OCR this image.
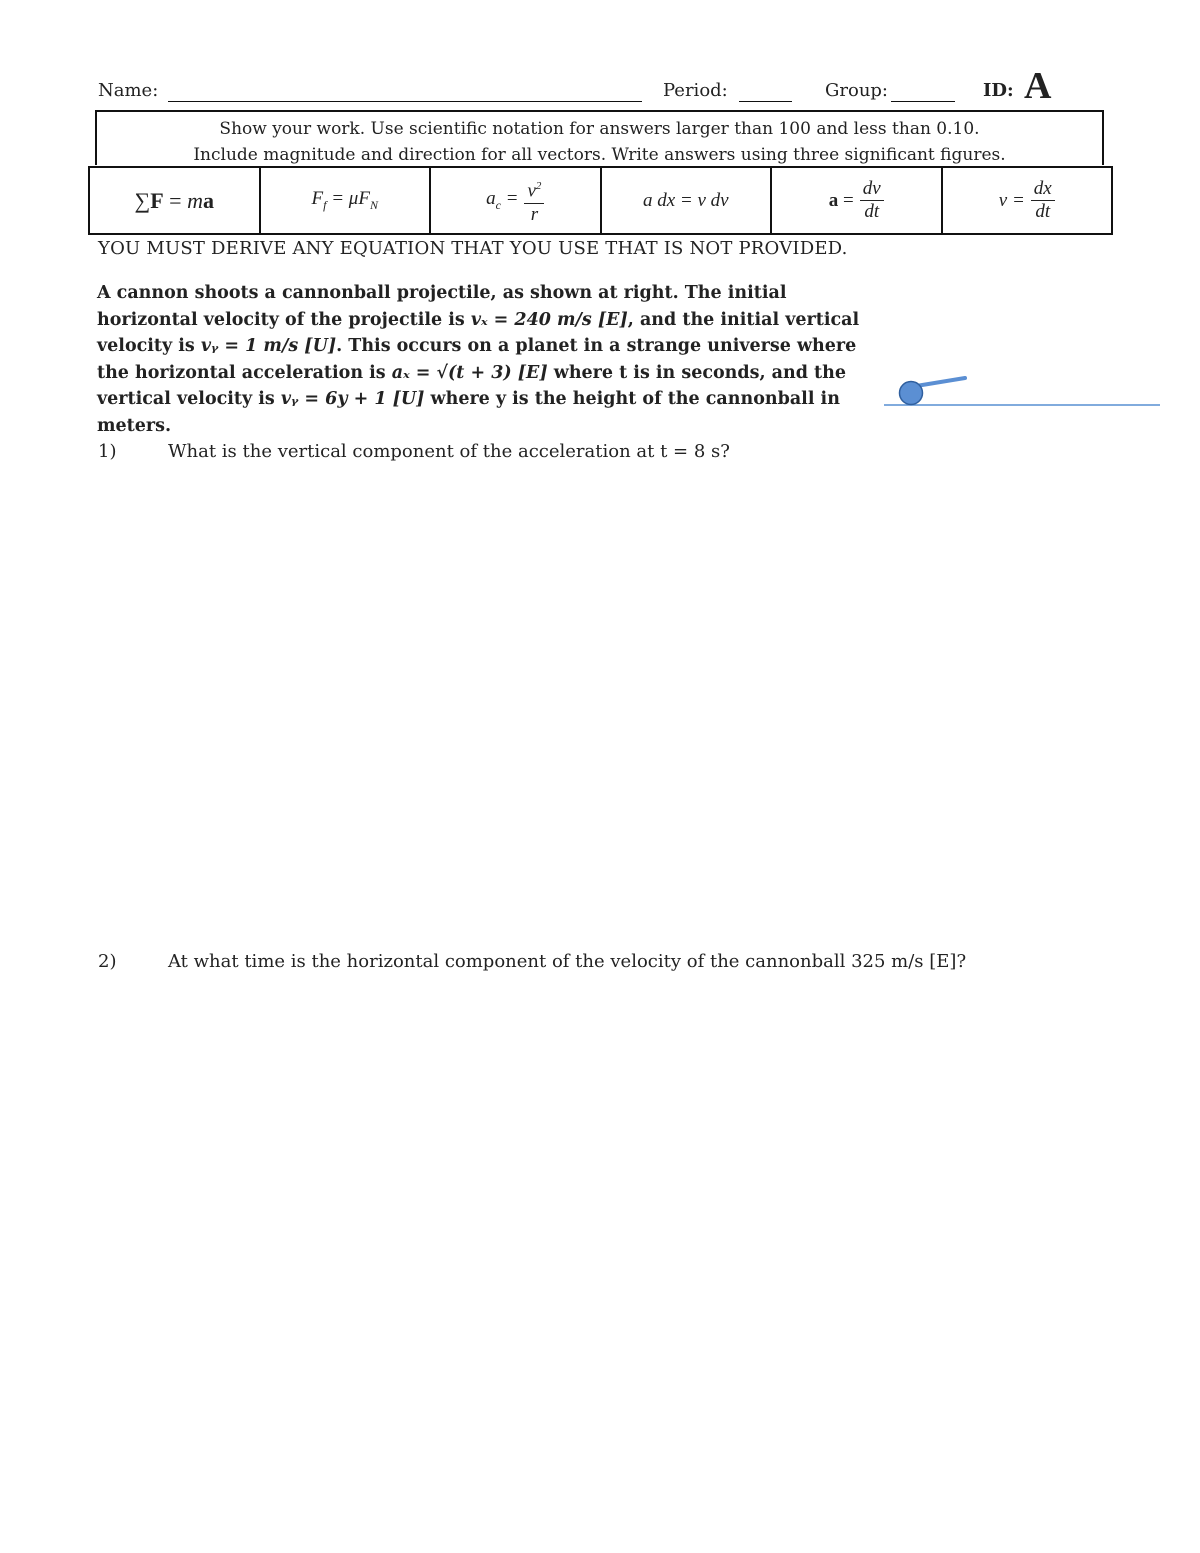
Name:	Period:	Group:	ID: A
Show your work. Use scientific notation for answers larger than 100 and less than 0.10.
Include magnitude and direction for all vectors. Write answers using three significant figures.
∑F = ma	$F_f = \mu F_N$	$a_c = \frac{v^2}{r}$	a dx = v dv	$a = \frac{dv}{dt}$	$v = \frac{dx}{dt}$
YOU MUST DERIVE ANY EQUATION THAT YOU USE THAT IS NOT PROVIDED.
A cannon shoots a cannonball projectile, as shown at right. The initial horizontal velocity of the projectile is vₓ = 240 m/s [E], and the initial vertical velocity is vᵧ = 1 m/s [U]. This occurs on a planet in a strange universe where the horizontal acceleration is aₓ = √(t + 3) [E] where t is in seconds, and the vertical velocity is vᵧ = 6y + 1 [U] where y is the height of the cannonball in meters.
1)	What is the vertical component of the acceleration at t = 8 s?
2)	At what time is the horizontal component of the velocity of the cannonball 325 m/s [E]?
